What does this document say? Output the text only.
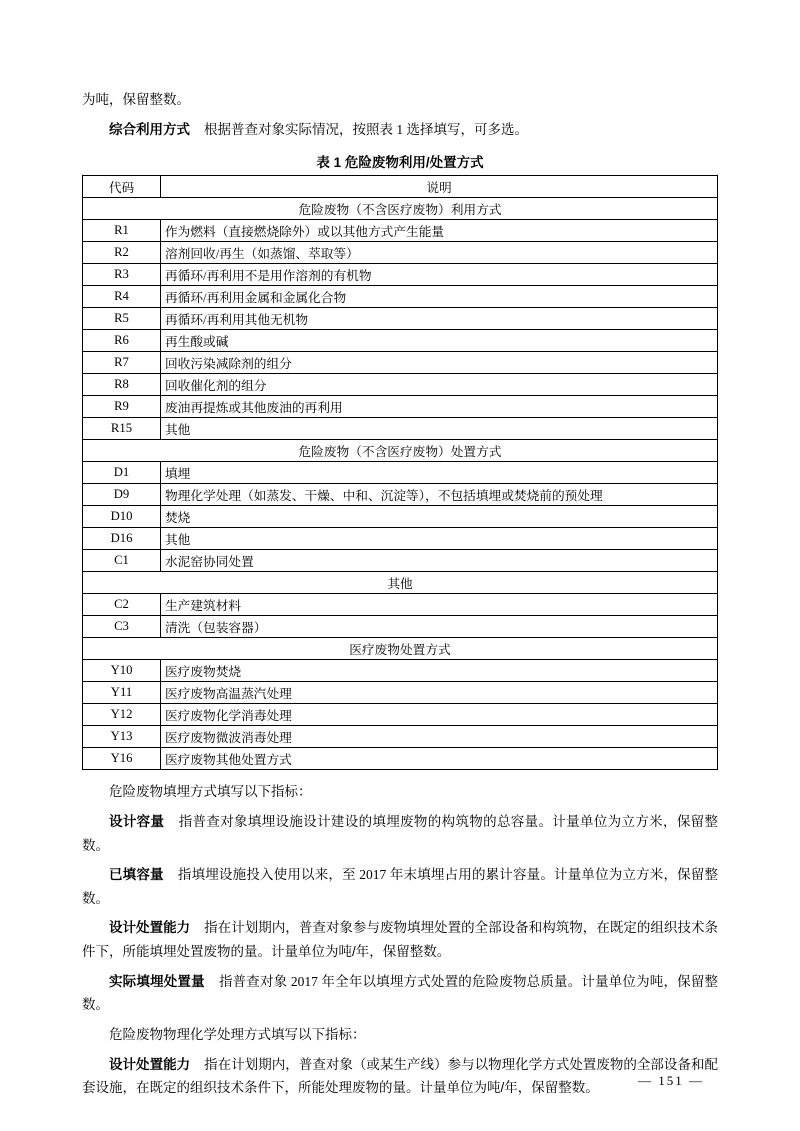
为吨，保留整数。

综合利用方式 根据普查对象实际情况，按照表 1 选择填写，可多选。

表 1 危险废物利用/处置方式
代码	说明
危险废物（不含医疗废物）利用方式	
R1	作为燃料（直接燃烧除外）或以其他方式产生能量
R2	溶剂回收/再生（如蒸馏、萃取等）
R3	再循环/再利用不是用作溶剂的有机物
R4	再循环/再利用金属和金属化合物
R5	再循环/再利用其他无机物
R6	再生酸或碱
R7	回收污染减除剂的组分
R8	回收催化剂的组分
R9	废油再提炼或其他废油的再利用
R15	其他
危险废物（不含医疗废物）处置方式	
D1	填埋
D9	物理化学处理（如蒸发、干燥、中和、沉淀等），不包括填埋或焚烧前的预处理
D10	焚烧
D16	其他
C1	水泥窑协同处置
其他	
C2	生产建筑材料
C3	清洗（包装容器）
医疗废物处置方式	
Y10	医疗废物焚烧
Y11	医疗废物高温蒸汽处理
Y12	医疗废物化学消毒处理
Y13	医疗废物微波消毒处理
Y16	医疗废物其他处置方式

危险废物填埋方式填写以下指标：

设计容量 指普查对象填埋设施设计建设的填埋废物的构筑物的总容量。计量单位为立方米，保留整数。

已填容量 指填埋设施投入使用以来，至 2017 年末填埋占用的累计容量。计量单位为立方米，保留整数。

设计处置能力 指在计划期内，普查对象参与废物填埋处置的全部设备和构筑物，在既定的组织技术条件下，所能填埋处置废物的量。计量单位为吨/年，保留整数。

实际填埋处置量 指普查对象 2017 年全年以填埋方式处置的危险废物总质量。计量单位为吨，保留整数。

危险废物物理化学处理方式填写以下指标：

设计处置能力 指在计划期内，普查对象（或某生产线）参与以物理化学方式处置废物的全部设备和配套设施，在既定的组织技术条件下，所能处理废物的量。计量单位为吨/年，保留整数。	— 151 —
